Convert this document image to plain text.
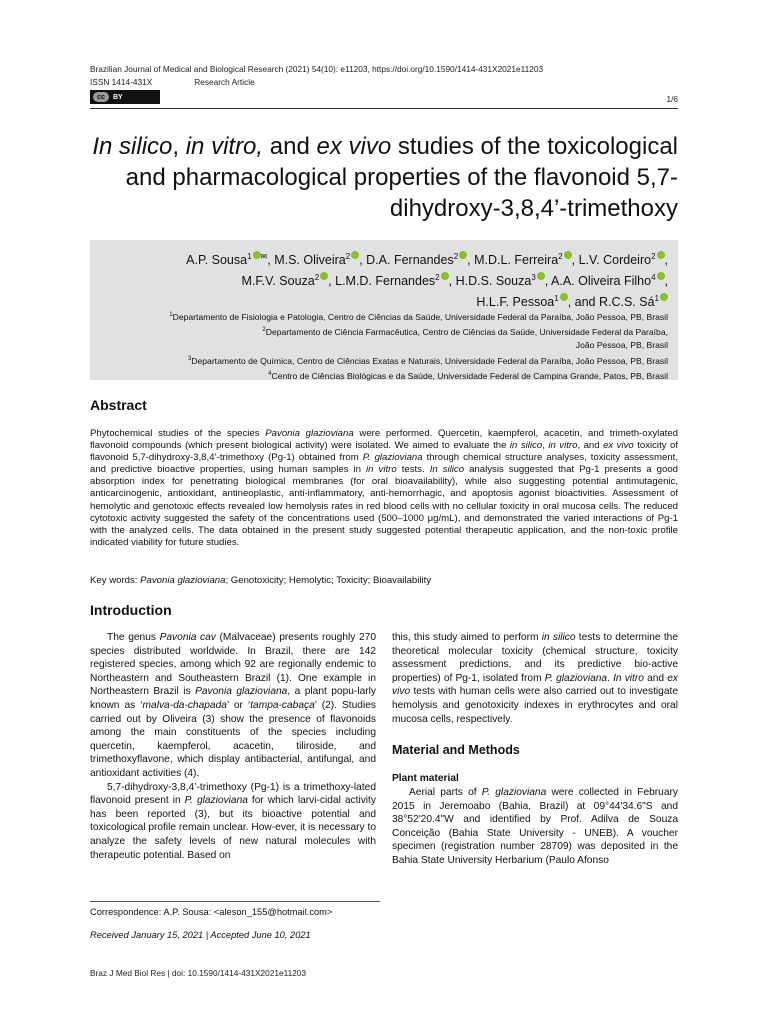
Brazilian Journal of Medical and Biological Research (2021) 54(10): e11203, https://doi.org/10.1590/1414-431X2021e11203
ISSN 1414-431X	Research Article
cc	BY	1/6
In silico, in vitro, and ex vivo studies of the toxicological and pharmacological properties of the flavonoid 5,7-dihydroxy-3,8,4’-trimethoxy
A.P. Sousa$^1$ ✉, M.S. Oliveira$^2$ , D.A. Fernandes$^2$ , M.D.L. Ferreira$^2$ , L.V. Cordeiro$^2$ ,
M.F.V. Souza$^2$ , L.M.D. Fernandes$^2$ , H.D.S. Souza$^3$ , A.A. Oliveira Filho$^4$ ,
H.L.F. Pessoa$^1$ , and R.C.S. $Sá^1$
$^1$Departamento de Fisiologia e Patologia, Centro de Ciências da Saúde, Universidade Federal da Paraíba, João Pessoa, PB, Brasil
$^2$Departamento de Ciência Farmacêutica, Centro de Ciências da Saúde, Universidade Federal da Paraíba,
João Pessoa, PB, Brasil
$^3$Departamento de Química, Centro de Ciências Exatas e Naturais, Universidade Federal da Paraíba, João Pessoa, PB, Brasil
$^4$Centro de Ciências Biológicas e da Saúde, Universidade Federal de Campina Grande, Patos, PB, Brasil
Abstract
Phytochemical studies of the species Pavonia glazioviana were performed. Quercetin, kaempferol, acacetin, and trimeth-oxylated flavonoid compounds (which present biological activity) were isolated. We aimed to evaluate the in silico, in vitro, and ex vivo toxicity of flavonoid 5,7-dihydroxy-3,8,4’-trimethoxy (Pg-1) obtained from P. glazioviana through chemical structure analyses, toxicity assessment, and predictive bioactive properties, using human samples in in vitro tests. In silico analysis suggested that Pg-1 presents a good absorption index for penetrating biological membranes (for oral bioavailability), while also suggesting potential antimutagenic, anticarcinogenic, antioxidant, antineoplastic, anti-inflammatory, anti-hemorrhagic, and apoptosis agonist bioactivities. Assessment of hemolytic and genotoxic effects revealed low hemolysis rates in red blood cells with no cellular toxicity in oral mucosa cells. The reduced cytotoxic activity suggested the safety of the concentrations used (500–1000 μg/mL), and demonstrated the varied interactions of Pg-1 with the analyzed cells. The data obtained in the present study suggested potential therapeutic application, and the non-toxic profile indicated viability for future studies.
Key words: Pavonia glazioviana; Genotoxicity; Hemolytic; Toxicity; Bioavailability
Introduction

The genus Pavonia cav (Malvaceae) presents roughly 270 species distributed worldwide. In Brazil, there are 142 registered species, among which 92 are regionally endemic to Northeastern and Southeastern Brazil (1). One example in Northeastern Brazil is Pavonia glazioviana, a plant popu-larly known as ‘malva-da-chapada’ or ‘tampa-cabaça’ (2). Studies carried out by Oliveira (3) show the presence of flavonoids among the main constituents of the species including quercetin, kaempferol, acacetin, tiliroside, and trimethoxyflavone, which display antibacterial, antifungal, and antioxidant activities (4).

5,7-dihydroxy-3,8,4’-trimethoxy (Pg-1) is a trimethoxy-lated flavonoid present in P. glazioviana for which larvi-cidal activity has been reported (3), but its bioactive potential and toxicological profile remain unclear. How-ever, it is necessary to analyze the safety levels of new natural molecules with therapeutic potential. Based on

this, this study aimed to perform in silico tests to determine the theoretical molecular toxicity (chemical structure, toxicity assessment predictions, and its predictive bio-active properties) of Pg-1, isolated from P. glazioviana. In vitro and ex vivo tests with human cells were also carried out to investigate hemolysis and genotoxicity indexes in erythrocytes and oral mucosa cells, respectively.

Material and Methods
Plant material

Aerial parts of P. glazioviana were collected in February 2015 in Jeremoabo (Bahia, Brazil) at 09°44'34.6"S and 38°52'20.4"W and identified by Prof. Adilva de Souza Conceição (Bahia State University - UNEB). A voucher specimen (registration number 28709) was deposited in the Bahia State University Herbarium (Paulo Afonso

Correspondence: A.P. Sousa: <aleson_155@hotmail.com>
Received January 15, 2021 | Accepted June 10, 2021
Braz J Med Biol Res | doi: 10.1590/1414-431X2021e11203
